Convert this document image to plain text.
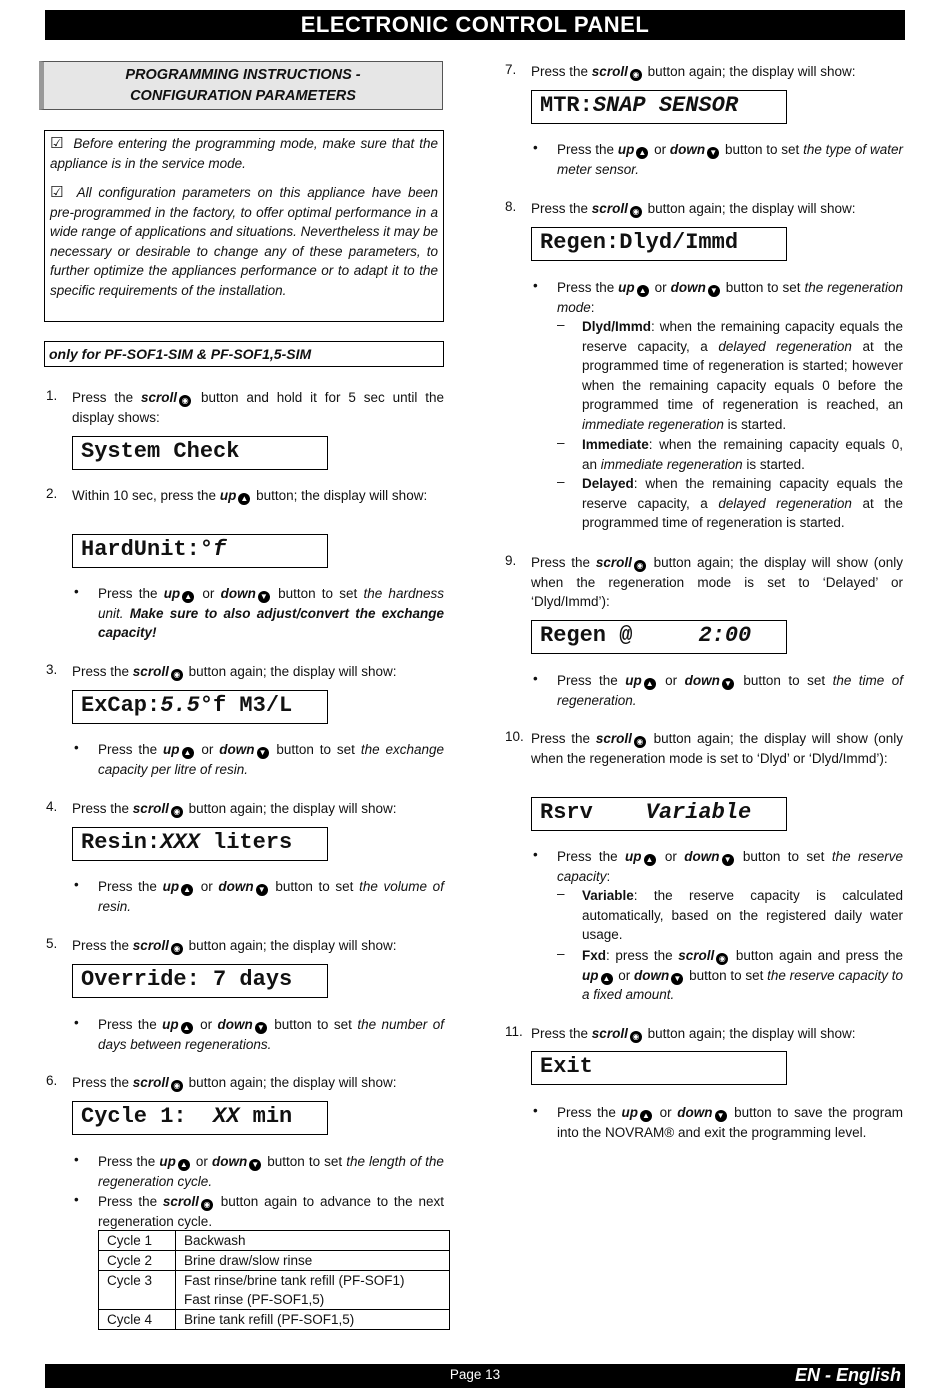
ELECTRONIC CONTROL PANEL
PROGRAMMING INSTRUCTIONS -
CONFIGURATION PARAMETERS

☑ Before entering the programming mode, make sure that the appliance is in the service mode.

☑ All configuration parameters on this appliance have been pre-programmed in the factory, to offer optimal performance in a wide range of applications and situations. Nevertheless it may be necessary or desirable to change any of these parameters, to further optimize the appliances performance or to adapt it to the specific requirements of the installation.

only for PF-SOF1-SIM & PF-SOF1,5-SIM
1. Press the scroll ◉ button and hold it for 5 sec until the display shows:
System Check
2. Within 10 sec, press the up ▲ button; the display will show:
HardUnit:°f
• Press the up ▲ or down ▼ button to set the hardness unit. Make sure to also adjust/convert the exchange capacity!
3. Press the scroll ◉ button again; the display will show:
ExCap:5.5°f M3/L
• Press the up ▲ or down ▼ button to set the exchange capacity per litre of resin.
4. Press the scroll ◉ button again; the display will show:
Resin:XXX liters
• Press the up ▲ or down ▼ button to set the volume of resin.
5. Press the scroll ◉ button again; the display will show:
Override: 7 days
• Press the up ▲ or down ▼ button to set the number of days between regenerations.
6. Press the scroll ◉ button again; the display will show:
Cycle 1:  XX min
• Press the up ▲ or down ▼ button to set the length of the regeneration cycle.
• Press the scroll ◉ button again to advance to the next regeneration cycle.
Cycle 1	Backwash
Cycle 2	Brine draw/slow rinse
Cycle 3	Fast rinse/brine tank refill (PF-SOF1)
Fast rinse (PF-SOF1,5)
Cycle 4	Brine tank refill (PF-SOF1,5)
7. Press the scroll ◉ button again; the display will show:
MTR:SNAP SENSOR
• Press the up ▲ or down ▼ button to set the type of water meter sensor.
8. Press the scroll ◉ button again; the display will show:
Regen:Dlyd/Immd
• Press the up ▲ or down ▼ button to set the regeneration mode:
– Dlyd/Immd: when the remaining capacity equals the reserve capacity, a delayed regeneration at the programmed time of regeneration is started; however when the remaining capacity equals 0 before the programmed time of regeneration is reached, an immediate regeneration is started.
– Immediate: when the remaining capacity equals 0, an immediate regeneration is started.
– Delayed: when the remaining capacity equals the reserve capacity, a delayed regeneration at the programmed time of regeneration is started.
9. Press the scroll ◉ button again; the display will show (only when the regeneration mode is set to ‘Delayed’ or ‘Dlyd/Immd’):
Regen @     2:00
• Press the up ▲ or down ▼ button to set the time of regeneration.
10. Press the scroll ◉ button again; the display will show (only when the regeneration mode is set to ‘Dlyd’ or ‘Dlyd/Immd’):
Rsrv    Variable
• Press the up ▲ or down ▼ button to set the reserve capacity:
– Variable: the reserve capacity is calculated automatically, based on the registered daily water usage.
– Fxd: press the scroll ◉ button again and press the up ▲ or down ▼ button to set the reserve capacity to a fixed amount.
11. Press the scroll ◉ button again; the display will show:
Exit
• Press the up ▲ or down ▼ button to save the program into the NOVRAM® and exit the programming level.
Page 13	EN - English
